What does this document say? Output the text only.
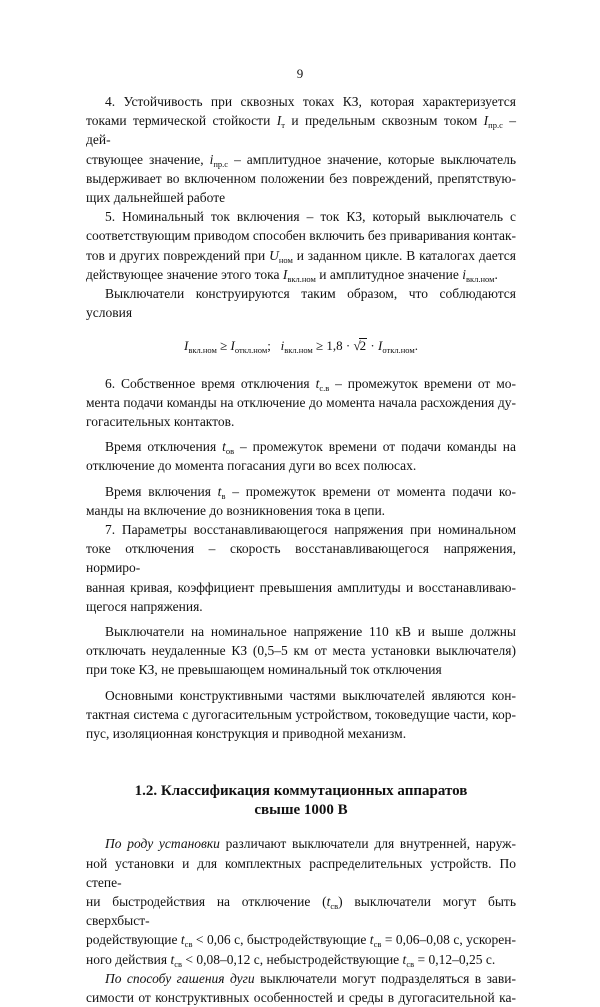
9
4. Устойчивость при сквозных токах КЗ, которая характеризуется
токами термической стойкости $I_т$ и предельным сквозным током $I_{пр.с} - дей-$
ствующее значение, $i_{пр.с}$ – амплитудное значение, которые выключатель
выдерживает во включенном положении без повреждений, препятствую-
щих дальнейшей работе
5. Номинальный ток включения – ток КЗ, который выключатель с
соответствующим приводом способен включить без приваривания контак-
тов и других повреждений при $U_{ном}$ и заданном цикле. В каталогах дается
действующее значение этого тока $I_{вкл.ном}$ и амплитудное значение $i_{вкл.ном}$.
Выключатели конструируются таким образом, что соблюдаются условия
$I_{вкл.ном} \ge I_{откл.ном}$;   $i_{вкл.ном} \ge 1,8 \cdot √2 \cdot I_{откл.ном}$.
6. Собственное время отключения $t_{с.в}$ – промежуток времени от мо-
мента подачи команды на отключение до момента начала расхождения ду-
гогасительных контактов.
Время отключения $t_{ов}$ – промежуток времени от подачи команды на
отключение до момента погасания дуги во всех полюсах.
Время включения $t_в$ – промежуток времени от момента подачи ко-
манды на включение до возникновения тока в цепи.
7. Параметры восстанавливающегося напряжения при номинальном
токе отключения – скорость восстанавливающегося напряжения, нормиро-
ванная кривая, коэффициент превышения амплитуды и восстанавливаю-
щегося напряжения.
Выключатели на номинальное напряжение 110 кВ и выше должны
отключать неудаленные КЗ (0,5–5 км от места установки выключателя)
при токе КЗ, не превышающем номинальный ток отключения
Основными конструктивными частями выключателей являются кон-
тактная система с дугогасительным устройством, токоведущие части, кор-
пус, изоляционная конструкция и приводной механизм.
1.2. Классификация коммутационных аппаратов
свыше 1000 В
По роду установки различают выключатели для внутренней, наруж-
ной установки и для комплектных распределительных устройств. По степе-
ни быстродействия на отключение $(t_{св})$ выключатели могут быть сверхбыст-
родействующие $t_{св} < 0,06$ с, быстродействующие $t_{св} = 0,06-0,08$ с, ускорен-
ного действия $t_{св} < 0,08-0,12$ с, небыстродействующие $t_{св} = 0,12-0,25$ с.
По способу гашения дуги выключатели могут подразделяться в зави-
симости от конструктивных особенностей и среды в дугогасительной ка-
